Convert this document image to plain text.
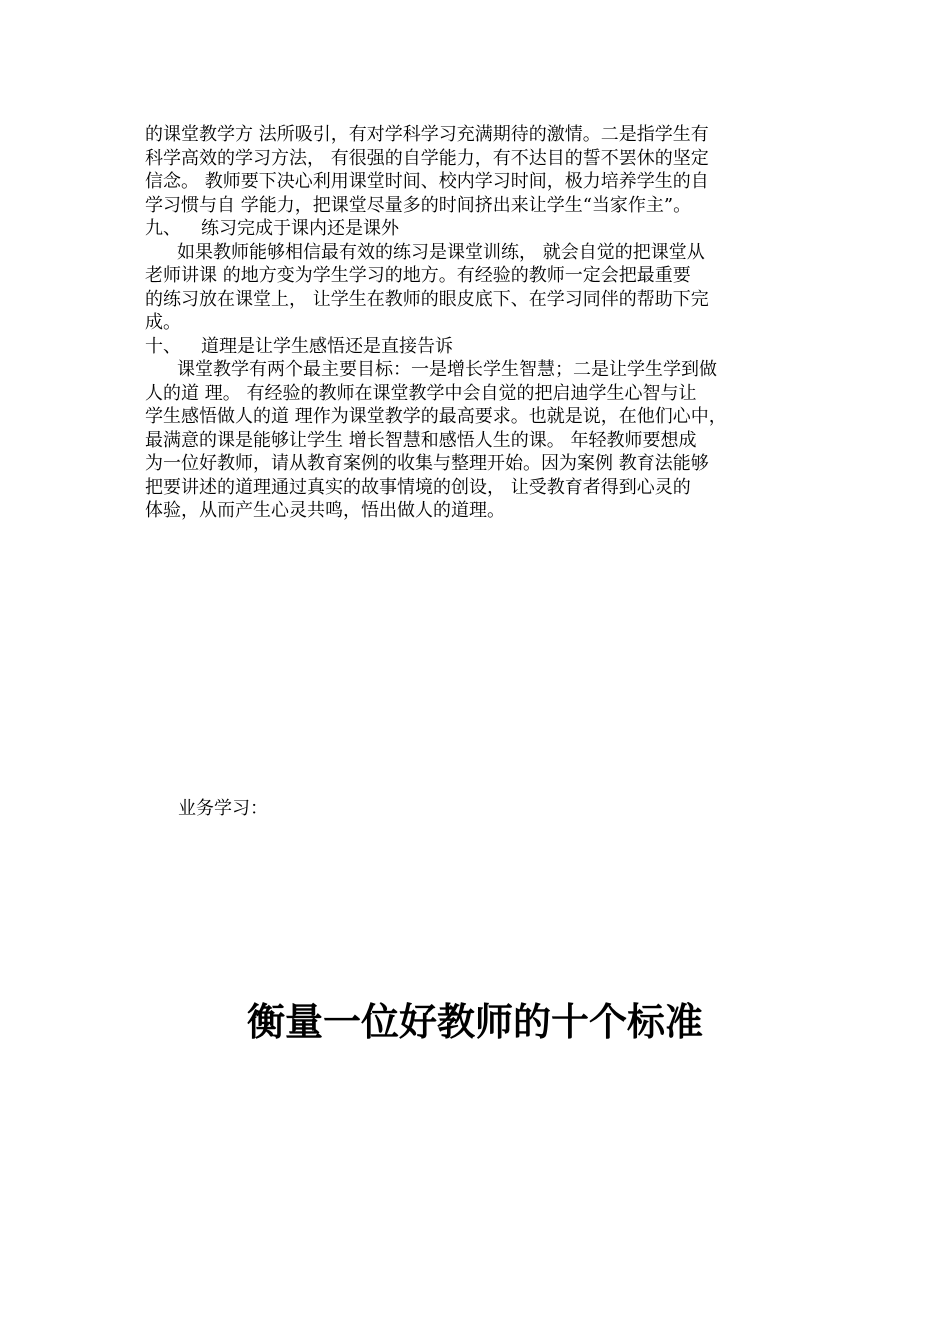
的课堂教学方 法所吸引，有对学科学习充满期待的激情。二是指学生有
科学高效的学习方法， 有很强的自学能力，有不达目的誓不罢休的坚定
信念。 教师要下决心利用课堂时间、校内学习时间，极力培养学生的自
学习惯与自 学能力，把课堂尽量多的时间挤出来让学生“当家作主”。
九、 练习完成于课内还是课外
如果教师能够相信最有效的练习是课堂训练， 就会自觉的把课堂从
老师讲课 的地方变为学生学习的地方。有经验的教师一定会把最重要
的练习放在课堂上， 让学生在教师的眼皮底下、在学习同伴的帮助下完
成。
十、 道理是让学生感悟还是直接告诉
课堂教学有两个最主要目标：一是增长学生智慧；二是让学生学到做
人的道 理。 有经验的教师在课堂教学中会自觉的把启迪学生心智与让
学生感悟做人的道 理作为课堂教学的最高要求。也就是说，在他们心中，
最满意的课是能够让学生 增长智慧和感悟人生的课。 年轻教师要想成
为一位好教师，请从教育案例的收集与整理开始。因为案例 教育法能够
把要讲述的道理通过真实的故事情境的创设， 让受教育者得到心灵的
体验，从而产生心灵共鸣，悟出做人的道理。
业务学习：
衡量一位好教师的十个标准
